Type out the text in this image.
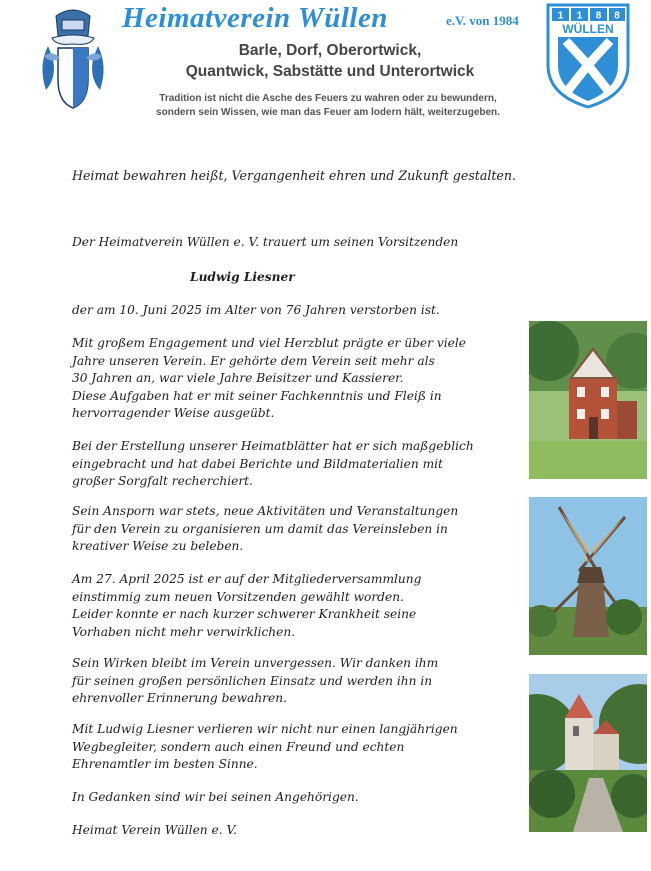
Heimatverein Wüllen	e.V. von 1984
Barle, Dorf, Oberortwick,
Quantwick, Sabstätte und Unterortwick
Tradition ist nicht die Asche des Feuers zu wahren oder zu bewundern,
sondern sein Wissen, wie man das Feuer am lodern hält, weiterzugeben.
1 1 8 8
WÜLLEN
Heimat bewahren heißt, Vergangenheit ehren und Zukunft gestalten.
Der Heimatverein Wüllen e. V. trauert um seinen Vorsitzenden
Ludwig Liesner
der am 10. Juni 2025 im Alter von 76 Jahren verstorben ist.
Mit großem Engagement und viel Herzblut prägte er über viele
Jahre unseren Verein. Er gehörte dem Verein seit mehr als
30 Jahren an, war viele Jahre Beisitzer und Kassierer.
Diese Aufgaben hat er mit seiner Fachkenntnis und Fleiß in
hervorragender Weise ausgeübt.
Bei der Erstellung unserer Heimatblätter hat er sich maßgeblich
eingebracht und hat dabei Berichte und Bildmaterialien mit
großer Sorgfalt recherchiert.
Sein Ansporn war stets, neue Aktivitäten und Veranstaltungen
für den Verein zu organisieren um damit das Vereinsleben in
kreativer Weise zu beleben.
Am 27. April 2025 ist er auf der Mitgliederversammlung
einstimmig zum neuen Vorsitzenden gewählt worden.
Leider konnte er nach kurzer schwerer Krankheit seine
Vorhaben nicht mehr verwirklichen.
Sein Wirken bleibt im Verein unvergessen. Wir danken ihm
für seinen großen persönlichen Einsatz und werden ihn in
ehrenvoller Erinnerung bewahren.
Mit Ludwig Liesner verlieren wir nicht nur einen langjährigen
Wegbegleiter, sondern auch einen Freund und echten
Ehrenamtler im besten Sinne.
In Gedanken sind wir bei seinen Angehörigen.
Heimat Verein Wüllen e. V.
